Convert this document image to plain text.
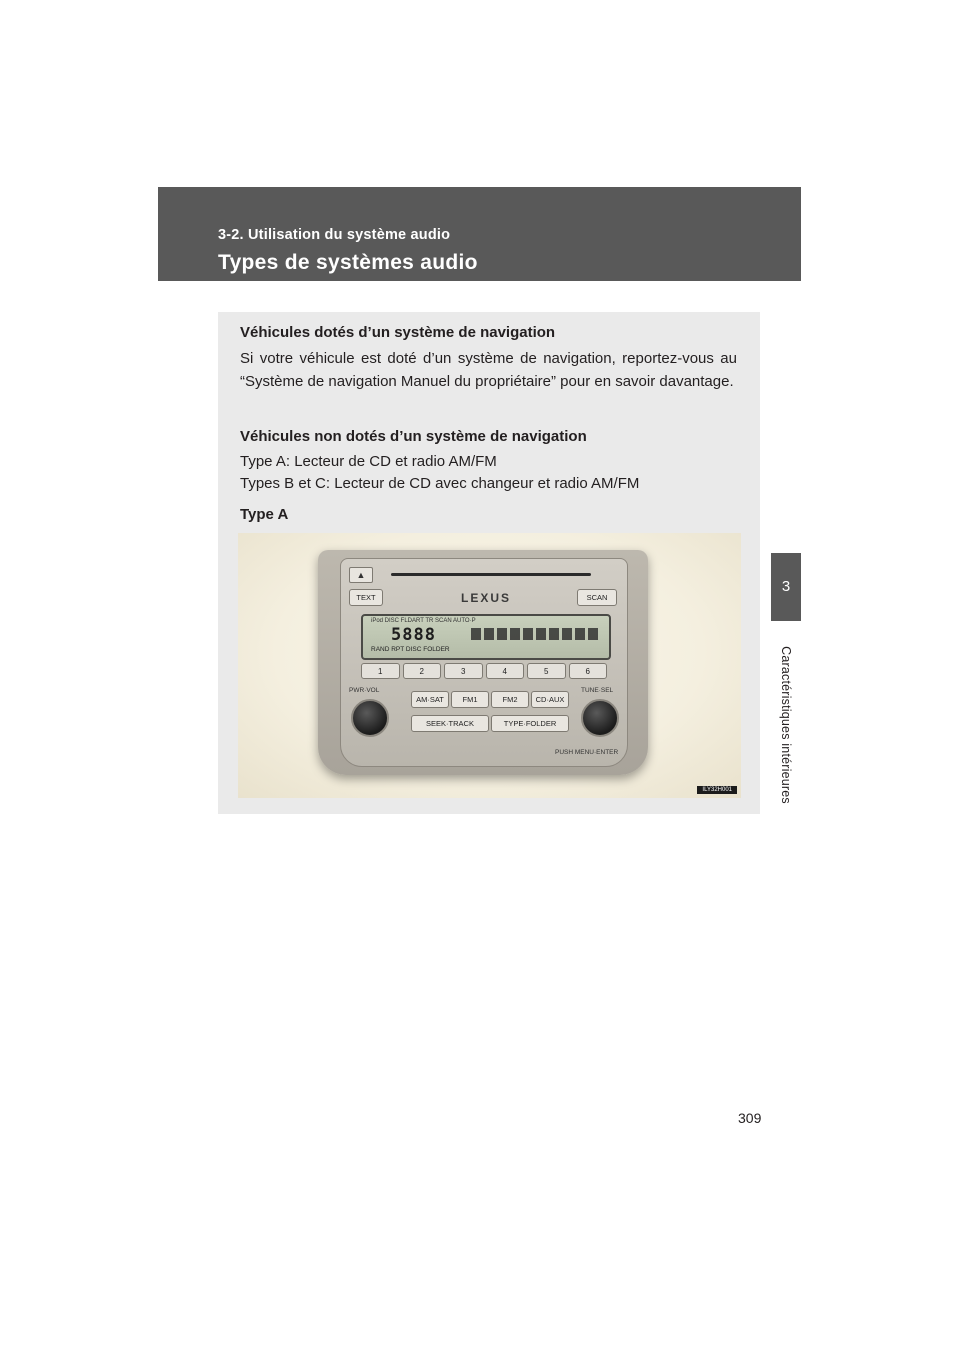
3-2. Utilisation du système audio
Types de systèmes audio
3
Caractéristiques intérieures
Véhicules dotés d’un système de navigation
Si votre véhicule est doté d’un système de navigation, reportez-vous au “Système de navigation Manuel du propriétaire” pour en savoir davantage.
Véhicules non dotés d’un système de navigation
Type A: Lecteur de CD et radio AM/FM
Types B et C: Lecteur de CD avec changeur et radio AM/FM
Type A
▲
TEXT	LEXUS	SCAN
iPod DISC FLDART TR SCAN AUTO·P
5888
RAND RPT DISC FOLDER
1	2	3	4	5	6
PWR·VOL
AM·SAT	FM1	FM2	CD·AUX
SEEK·TRACK	TYPE·FOLDER
TUNE·SEL
PUSH MENU·ENTER
ILY32H001
309
